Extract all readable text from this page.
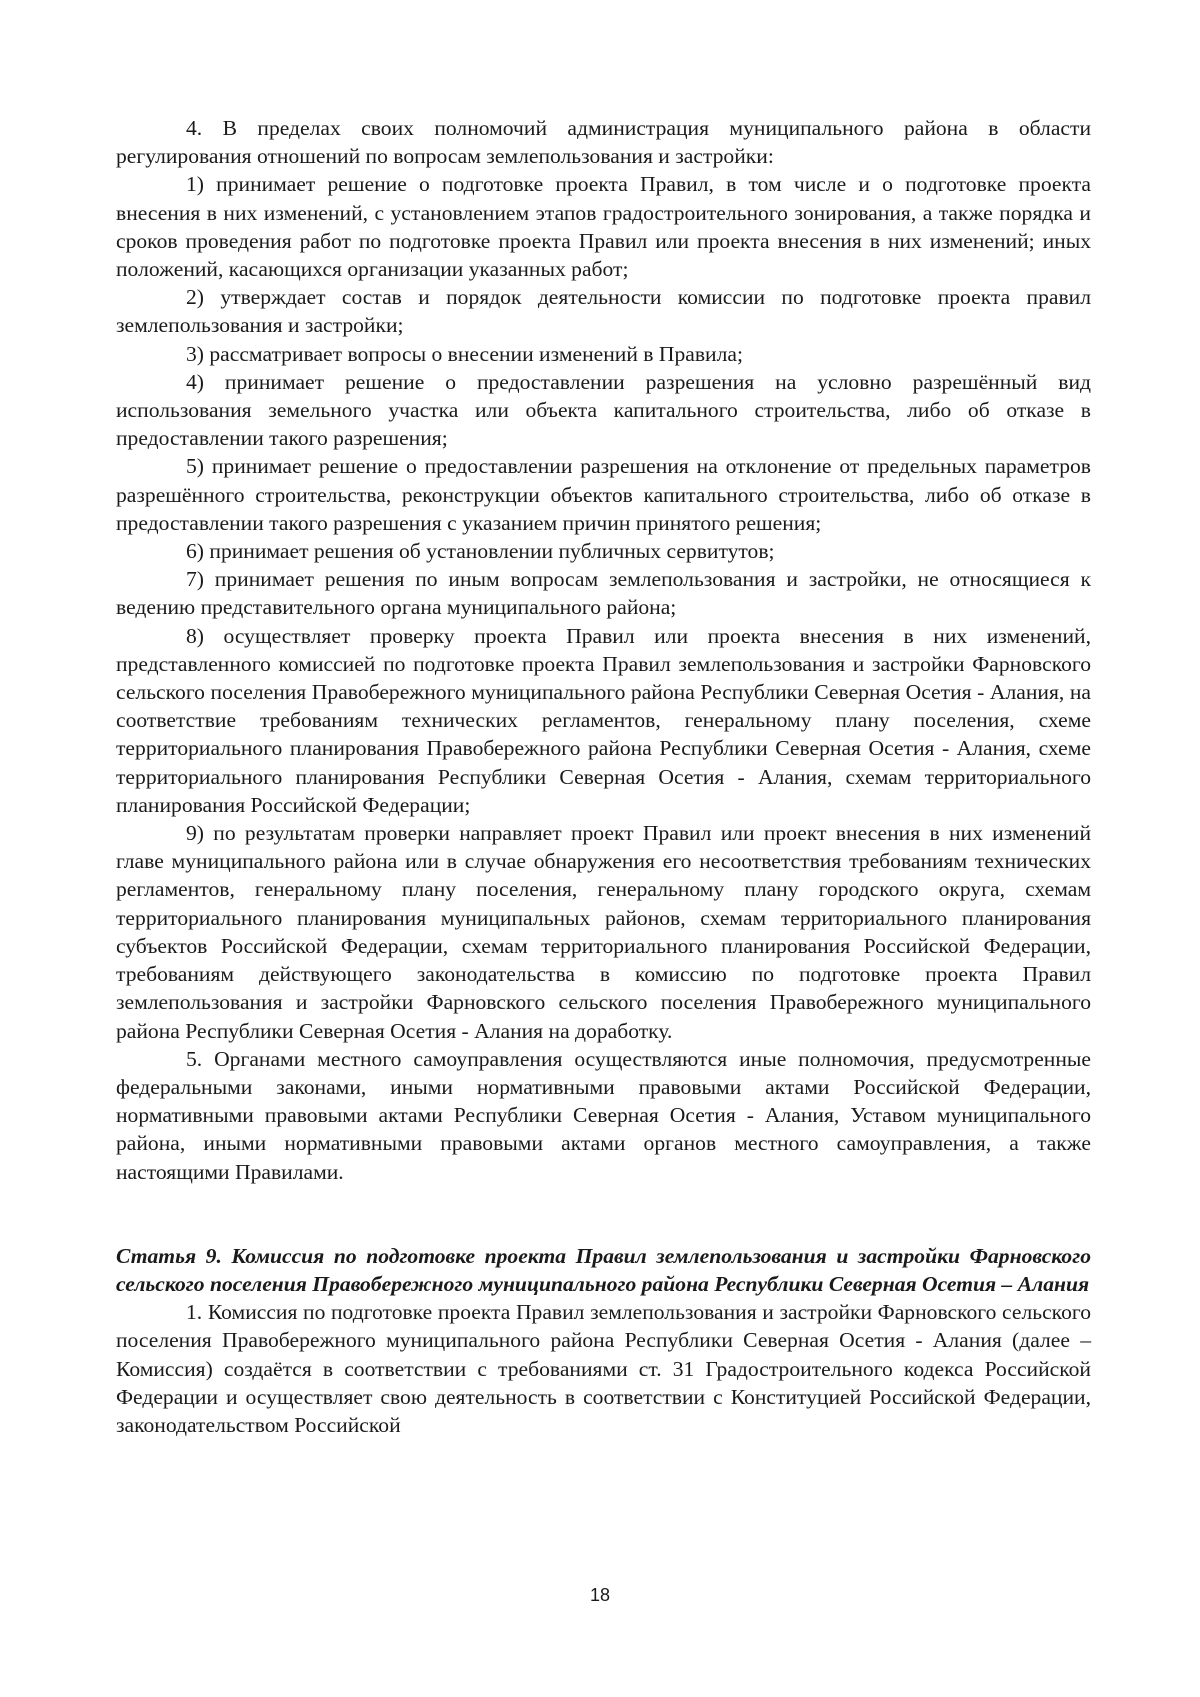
4. В пределах своих полномочий администрация муниципального района в области регулирования отношений по вопросам землепользования и застройки:

1) принимает решение о подготовке проекта Правил, в том числе и о подготовке проекта внесения в них изменений, с установлением этапов градостроительного зонирования, а также порядка и сроков проведения работ по подготовке проекта Правил или проекта внесения в них изменений; иных положений, касающихся организации указанных работ;

2) утверждает состав и порядок деятельности комиссии по подготовке проекта правил землепользования и застройки;

3) рассматривает вопросы о внесении изменений в Правила;

4) принимает решение о предоставлении разрешения на условно разрешённый вид использования земельного участка или объекта капитального строительства, либо об отказе в предоставлении такого разрешения;

5) принимает решение о предоставлении разрешения на отклонение от предельных параметров разрешённого строительства, реконструкции объектов капитального строительства, либо об отказе в предоставлении такого разрешения с указанием причин принятого решения;

6) принимает решения об установлении публичных сервитутов;

7) принимает решения по иным вопросам землепользования и застройки, не относящиеся к ведению представительного органа муниципального района;

8) осуществляет проверку проекта Правил или проекта внесения в них изменений, представленного комиссией по подготовке проекта Правил землепользования и застройки Фарновского сельского поселения Правобережного муниципального района Республики Северная Осетия - Алания, на соответствие требованиям технических регламентов, генеральному плану поселения, схеме территориального планирования Правобережного района Республики Северная Осетия - Алания, схеме территориального планирования Республики Северная Осетия - Алания, схемам территориального планирования Российской Федерации;

9) по результатам проверки направляет проект Правил или проект внесения в них изменений главе муниципального района или в случае обнаружения его несоответствия требованиям технических регламентов, генеральному плану поселения, генеральному плану городского округа, схемам территориального планирования муниципальных районов, схемам территориального планирования субъектов Российской Федерации, схемам территориального планирования Российской Федерации, требованиям действующего законодательства в комиссию по подготовке проекта Правил землепользования и застройки Фарновского сельского поселения Правобережного муниципального района Республики Северная Осетия - Алания на доработку.

5. Органами местного самоуправления осуществляются иные полномочия, предусмотренные федеральными законами, иными нормативными правовыми актами Российской Федерации, нормативными правовыми актами Республики Северная Осетия - Алания, Уставом муниципального района, иными нормативными правовыми актами органов местного самоуправления, а также настоящими Правилами.

Статья 9. Комиссия по подготовке проекта Правил землепользования и застройки Фарновского сельского поселения Правобережного муниципального района Республики Северная Осетия – Алания

1. Комиссия по подготовке проекта Правил землепользования и застройки Фарновского сельского поселения Правобережного муниципального района Республики Северная Осетия - Алания (далее – Комиссия) создаётся в соответствии с требованиями ст. 31 Градостроительного кодекса Российской Федерации и осуществляет свою деятельность в соответствии с Конституцией Российской Федерации, законодательством Российской

18
